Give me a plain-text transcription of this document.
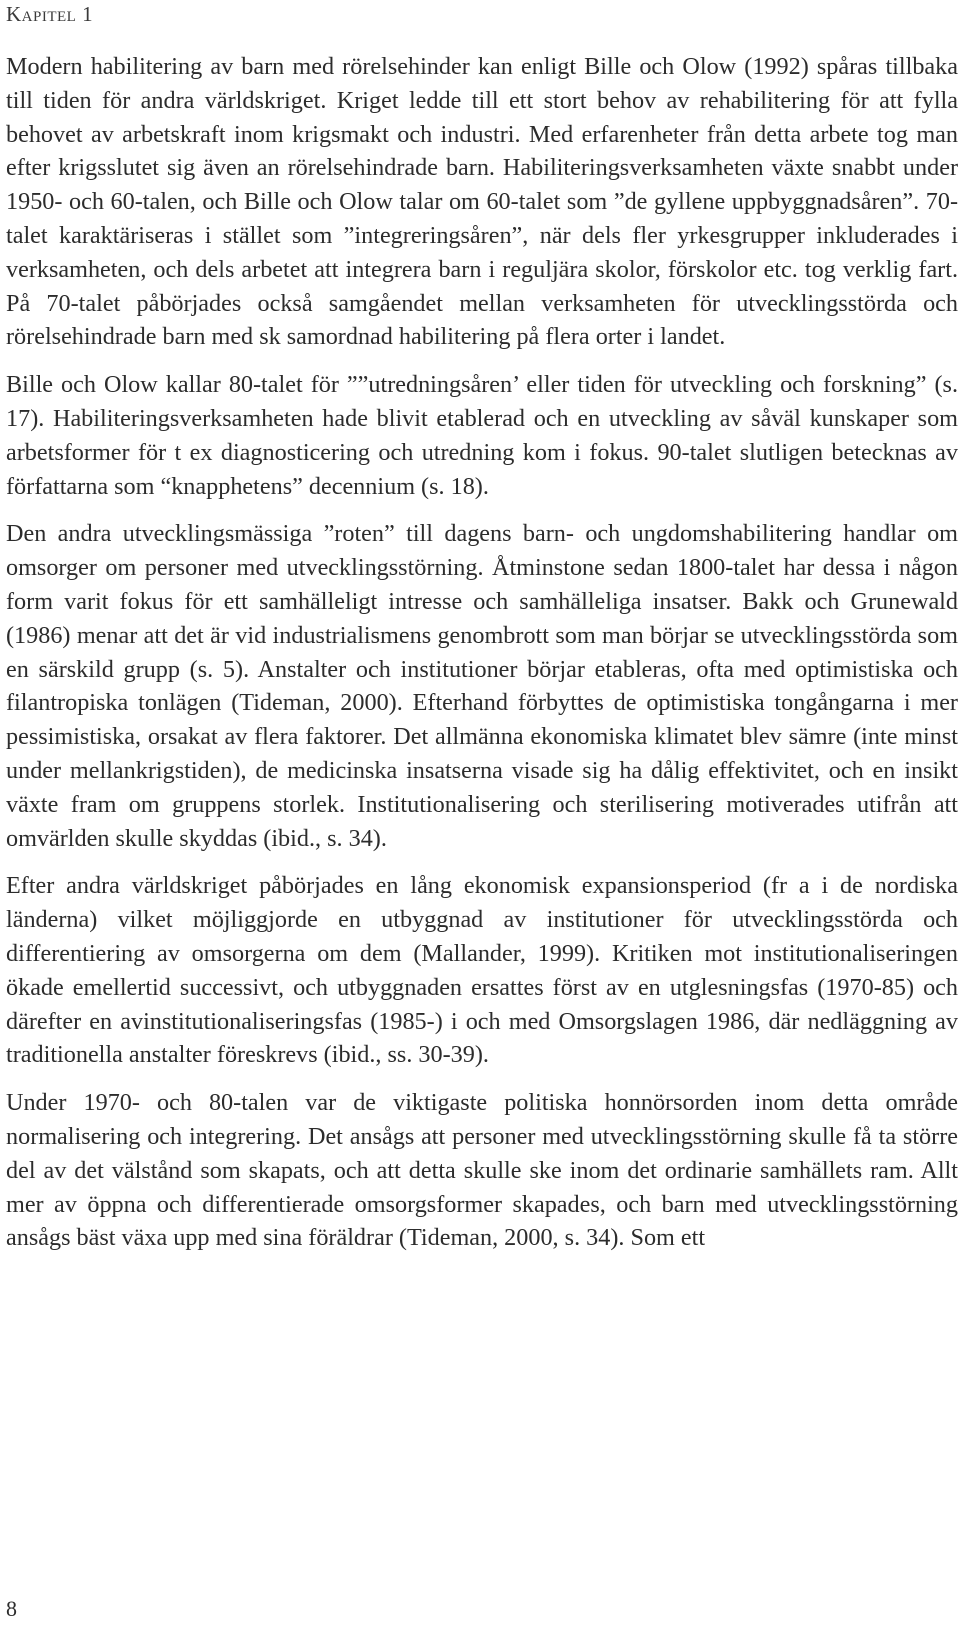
Kapitel 1

Modern habilitering av barn med rörelsehinder kan enligt Bille och Olow (1992) spåras tillbaka till tiden för andra världskriget. Kriget ledde till ett stort behov av rehabilitering för att fylla behovet av arbetskraft inom krigsmakt och industri. Med erfarenheter från detta arbete tog man efter krigsslutet sig även an rörelsehindrade barn. Habiliteringsverksamheten växte snabbt under 1950- och 60-talen, och Bille och Olow talar om 60-talet som ”de gyllene uppbyggnadsåren”. 70-talet karaktäriseras i stället som ”integreringsåren”, när dels fler yrkesgrupper inkluderades i verksamheten, och dels arbetet att integrera barn i reguljära skolor, förskolor etc. tog verklig fart. På 70-talet påbörjades också samgåendet mellan verksamheten för utvecklingsstörda och rörelsehindrade barn med sk samordnad habilitering på flera orter i landet.

Bille och Olow kallar 80-talet för ””utredningsåren’ eller tiden för utveckling och forskning” (s. 17). Habiliteringsverksamheten hade blivit etablerad och en utveckling av såväl kunskaper som arbetsformer för t ex diagnosticering och utredning kom i fokus. 90-talet slutligen betecknas av författarna som “knapphetens” decennium (s. 18).

Den andra utvecklingsmässiga ”roten” till dagens barn- och ungdomshabilitering handlar om omsorger om personer med utvecklingsstörning. Åtminstone sedan 1800-talet har dessa i någon form varit fokus för ett samhälleligt intresse och samhälleliga insatser. Bakk och Grunewald (1986) menar att det är vid industrialismens genombrott som man börjar se utvecklingsstörda som en särskild grupp (s. 5). Anstalter och institutioner börjar etableras, ofta med optimistiska och filantropiska tonlägen (Tideman, 2000). Efterhand förbyttes de optimistiska tongångarna i mer pessimistiska, orsakat av flera faktorer. Det allmänna ekonomiska klimatet blev sämre (inte minst under mellankrigstiden), de medicinska insatserna visade sig ha dålig effektivitet, och en insikt växte fram om gruppens storlek. Institutionalisering och sterilisering motiverades utifrån att omvärlden skulle skyddas (ibid., s. 34).

Efter andra världskriget påbörjades en lång ekonomisk expansionsperiod (fr a i de nordiska länderna) vilket möjliggjorde en utbyggnad av institutioner för utvecklingsstörda och differentiering av omsorgerna om dem (Mallander, 1999). Kritiken mot institutionaliseringen ökade emellertid successivt, och utbyggnaden ersattes först av en utglesningsfas (1970-85) och därefter en avinstitutionaliseringsfas (1985-) i och med Omsorgslagen 1986, där nedläggning av traditionella anstalter föreskrevs (ibid., ss. 30-39).

Under 1970- och 80-talen var de viktigaste politiska honnörsorden inom detta område normalisering och integrering. Det ansågs att personer med utvecklingsstörning skulle få ta större del av det välstånd som skapats, och att detta skulle ske inom det ordinarie samhällets ram. Allt mer av öppna och differentierade omsorgsformer skapades, och barn med utvecklingsstörning ansågs bäst växa upp med sina föräldrar (Tideman, 2000, s. 34). Som ett

8
